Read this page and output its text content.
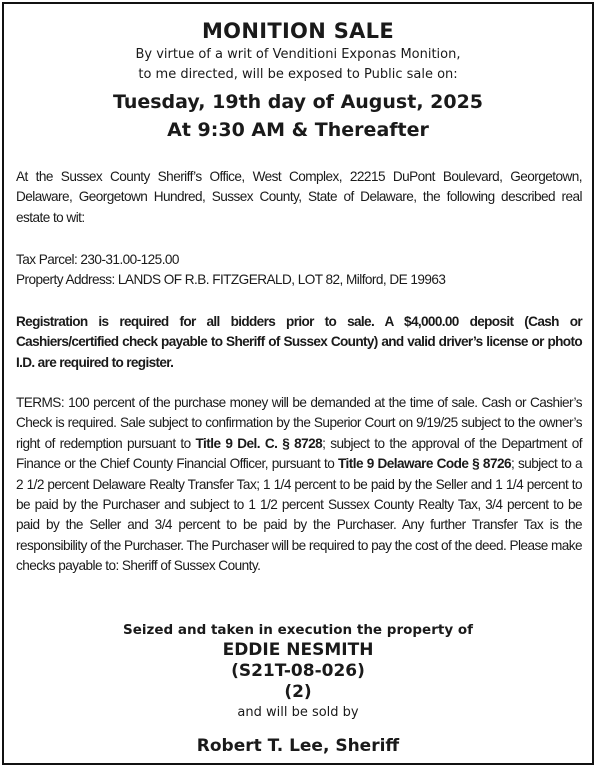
MONITION SALE
By virtue of a writ of Venditioni Exponas Monition,
to me directed, will be exposed to Public sale on:
Tuesday, 19th day of August, 2025
At 9:30 AM & Thereafter
At the Sussex County Sheriff’s Office, West Complex, 22215 DuPont Boulevard, Georgetown, Delaware, Georgetown Hundred, Sussex County, State of Delaware, the following described real estate to wit:
Tax Parcel: 230-31.00-125.00
Property Address: LANDS OF R.B. FITZGERALD, LOT 82, Milford, DE 19963
Registration is required for all bidders prior to sale. A $4,000.00 deposit (Cash or Cashiers/certified check payable to Sheriff of Sussex County) and valid driver’s license or photo I.D. are required to register.
TERMS: 100 percent of the purchase money will be demanded at the time of sale. Cash or Cashier’s Check is required. Sale subject to confirmation by the Superior Court on 9/19/25 subject to the owner’s right of redemption pursuant to Title 9 Del. C. § 8728; subject to the approval of the Department of Finance or the Chief County Financial Officer, pursuant to Title 9 Delaware Code § 8726; subject to a 2 1/2 percent Delaware Realty Transfer Tax; 1 1/4 percent to be paid by the Seller and 1 1/4 percent to be paid by the Purchaser and subject to 1 1/2 percent Sussex County Realty Tax, 3/4 percent to be paid by the Seller and 3/4 percent to be paid by the Purchaser. Any further Transfer Tax is the responsibility of the Purchaser. The Purchaser will be required to pay the cost of the deed. Please make checks payable to: Sheriff of Sussex County.
Seized and taken in execution the property of
EDDIE NESMITH
(S21T-08-026)
(2)
and will be sold by
Robert T. Lee, Sheriff
